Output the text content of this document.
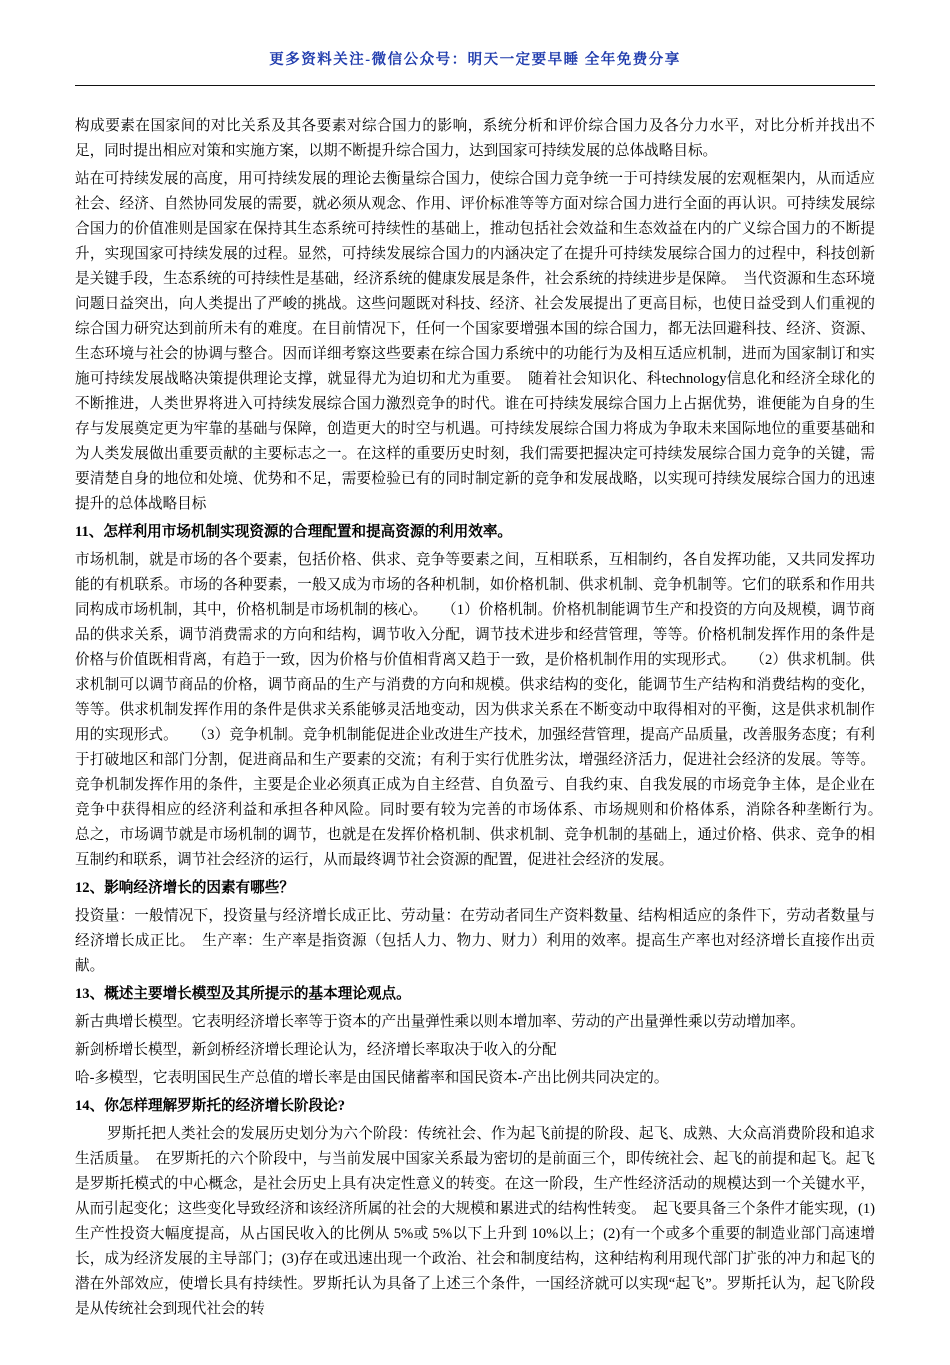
更多资料关注-微信公众号：明天一定要早睡 全年免费分享

构成要素在国家间的对比关系及其各要素对综合国力的影响，系统分析和评价综合国力及各分力水平，对比分析并找出不足，同时提出相应对策和实施方案，以期不断提升综合国力，达到国家可持续发展的总体战略目标。

站在可持续发展的高度，用可持续发展的理论去衡量综合国力，使综合国力竞争统一于可持续发展的宏观框架内，从而适应社会、经济、自然协同发展的需要，就必须从观念、作用、评价标准等等方面对综合国力进行全面的再认识。可持续发展综合国力的价值准则是国家在保持其生态系统可持续性的基础上，推动包括社会效益和生态效益在内的广义综合国力的不断提升，实现国家可持续发展的过程。显然，可持续发展综合国力的内涵决定了在提升可持续发展综合国力的过程中，科技创新是关键手段，生态系统的可持续性是基础，经济系统的健康发展是条件，社会系统的持续进步是保障。　当代资源和生态环境问题日益突出，向人类提出了严峻的挑战。这些问题既对科技、经济、社会发展提出了更高目标，也使日益受到人们重视的综合国力研究达到前所未有的难度。在目前情况下，任何一个国家要增强本国的综合国力，都无法回避科技、经济、资源、生态环境与社会的协调与整合。因而详细考察这些要素在综合国力系统中的功能行为及相互适应机制，进而为国家制订和实施可持续发展战略决策提供理论支撑，就显得尤为迫切和尤为重要。　随着社会知识化、科technology信息化和经济全球化的不断推进，人类世界将进入可持续发展综合国力激烈竞争的时代。谁在可持续发展综合国力上占据优势，谁便能为自身的生存与发展奠定更为牢靠的基础与保障，创造更大的时空与机遇。可持续发展综合国力将成为争取未来国际地位的重要基础和为人类发展做出重要贡献的主要标志之一。在这样的重要历史时刻，我们需要把握决定可持续发展综合国力竞争的关键，需要清楚自身的地位和处境、优势和不足，需要检验已有的同时制定新的竞争和发展战略，以实现可持续发展综合国力的迅速提升的总体战略目标

11、怎样利用市场机制实现资源的合理配置和提高资源的利用效率。

市场机制，就是市场的各个要素，包括价格、供求、竞争等要素之间，互相联系，互相制约，各自发挥功能，又共同发挥功能的有机联系。市场的各种要素，一般又成为市场的各种机制，如价格机制、供求机制、竞争机制等。它们的联系和作用共同构成市场机制，其中，价格机制是市场机制的核心。　　（1）价格机制。价格机制能调节生产和投资的方向及规模，调节商品的供求关系，调节消费需求的方向和结构，调节收入分配，调节技术进步和经营管理，等等。价格机制发挥作用的条件是价格与价值既相背离，有趋于一致，因为价格与价值相背离又趋于一致，是价格机制作用的实现形式。　　（2）供求机制。供求机制可以调节商品的价格，调节商品的生产与消费的方向和规模。供求结构的变化，能调节生产结构和消费结构的变化，等等。供求机制发挥作用的条件是供求关系能够灵活地变动，因为供求关系在不断变动中取得相对的平衡，这是供求机制作用的实现形式。　　（3）竞争机制。竞争机制能促进企业改进生产技术，加强经营管理，提高产品质量，改善服务态度；有利于打破地区和部门分割，促进商品和生产要素的交流；有利于实行优胜劣汰，增强经济活力，促进社会经济的发展。等等。竞争机制发挥作用的条件，主要是企业必须真正成为自主经营、自负盈亏、自我约束、自我发展的市场竞争主体，是企业在竞争中获得相应的经济利益和承担各种风险。同时要有较为完善的市场体系、市场规则和价格体系，消除各种垄断行为。　　总之，市场调节就是市场机制的调节，也就是在发挥价格机制、供求机制、竞争机制的基础上，通过价格、供求、竞争的相互制约和联系，调节社会经济的运行，从而最终调节社会资源的配置，促进社会经济的发展。

12、影响经济增长的因素有哪些？

投资量：一般情况下，投资量与经济增长成正比、劳动量：在劳动者同生产资料数量、结构相适应的条件下，劳动者数量与经济增长成正比。　生产率：生产率是指资源（包括人力、物力、财力）利用的效率。提高生产率也对经济增长直接作出贡献。

13、概述主要增长模型及其所提示的基本理论观点。

新古典增长模型。它表明经济增长率等于资本的产出量弹性乘以则本增加率、劳动的产出量弹性乘以劳动增加率。

新剑桥增长模型，新剑桥经济增长理论认为，经济增长率取决于收入的分配

哈-多模型，它表明国民生产总值的增长率是由国民储蓄率和国民资本-产出比例共同决定的。

14、你怎样理解罗斯托的经济增长阶段论?

罗斯托把人类社会的发展历史划分为六个阶段：传统社会、作为起飞前提的阶段、起飞、成熟、大众高消费阶段和追求生活质量。　在罗斯托的六个阶段中，与当前发展中国家关系最为密切的是前面三个，即传统社会、起飞的前提和起飞。起飞是罗斯托模式的中心概念，是社会历史上具有决定性意义的转变。在这一阶段，生产性经济活动的规模达到一个关键水平，从而引起变化；这些变化导致经济和该经济所属的社会的大规模和累进式的结构性转变。　起飞要具备三个条件才能实现，(1)生产性投资大幅度提高，从占国民收入的比例从 5%或 5%以下上升到 10%以上；(2)有一个或多个重要的制造业部门高速增长，成为经济发展的主导部门；(3)存在或迅速出现一个政治、社会和制度结构，这种结构利用现代部门扩张的冲力和起飞的潜在外部效应，使增长具有持续性。罗斯托认为具备了上述三个条件，一国经济就可以实现“起飞”。罗斯托认为，起飞阶段是从传统社会到现代社会的转
